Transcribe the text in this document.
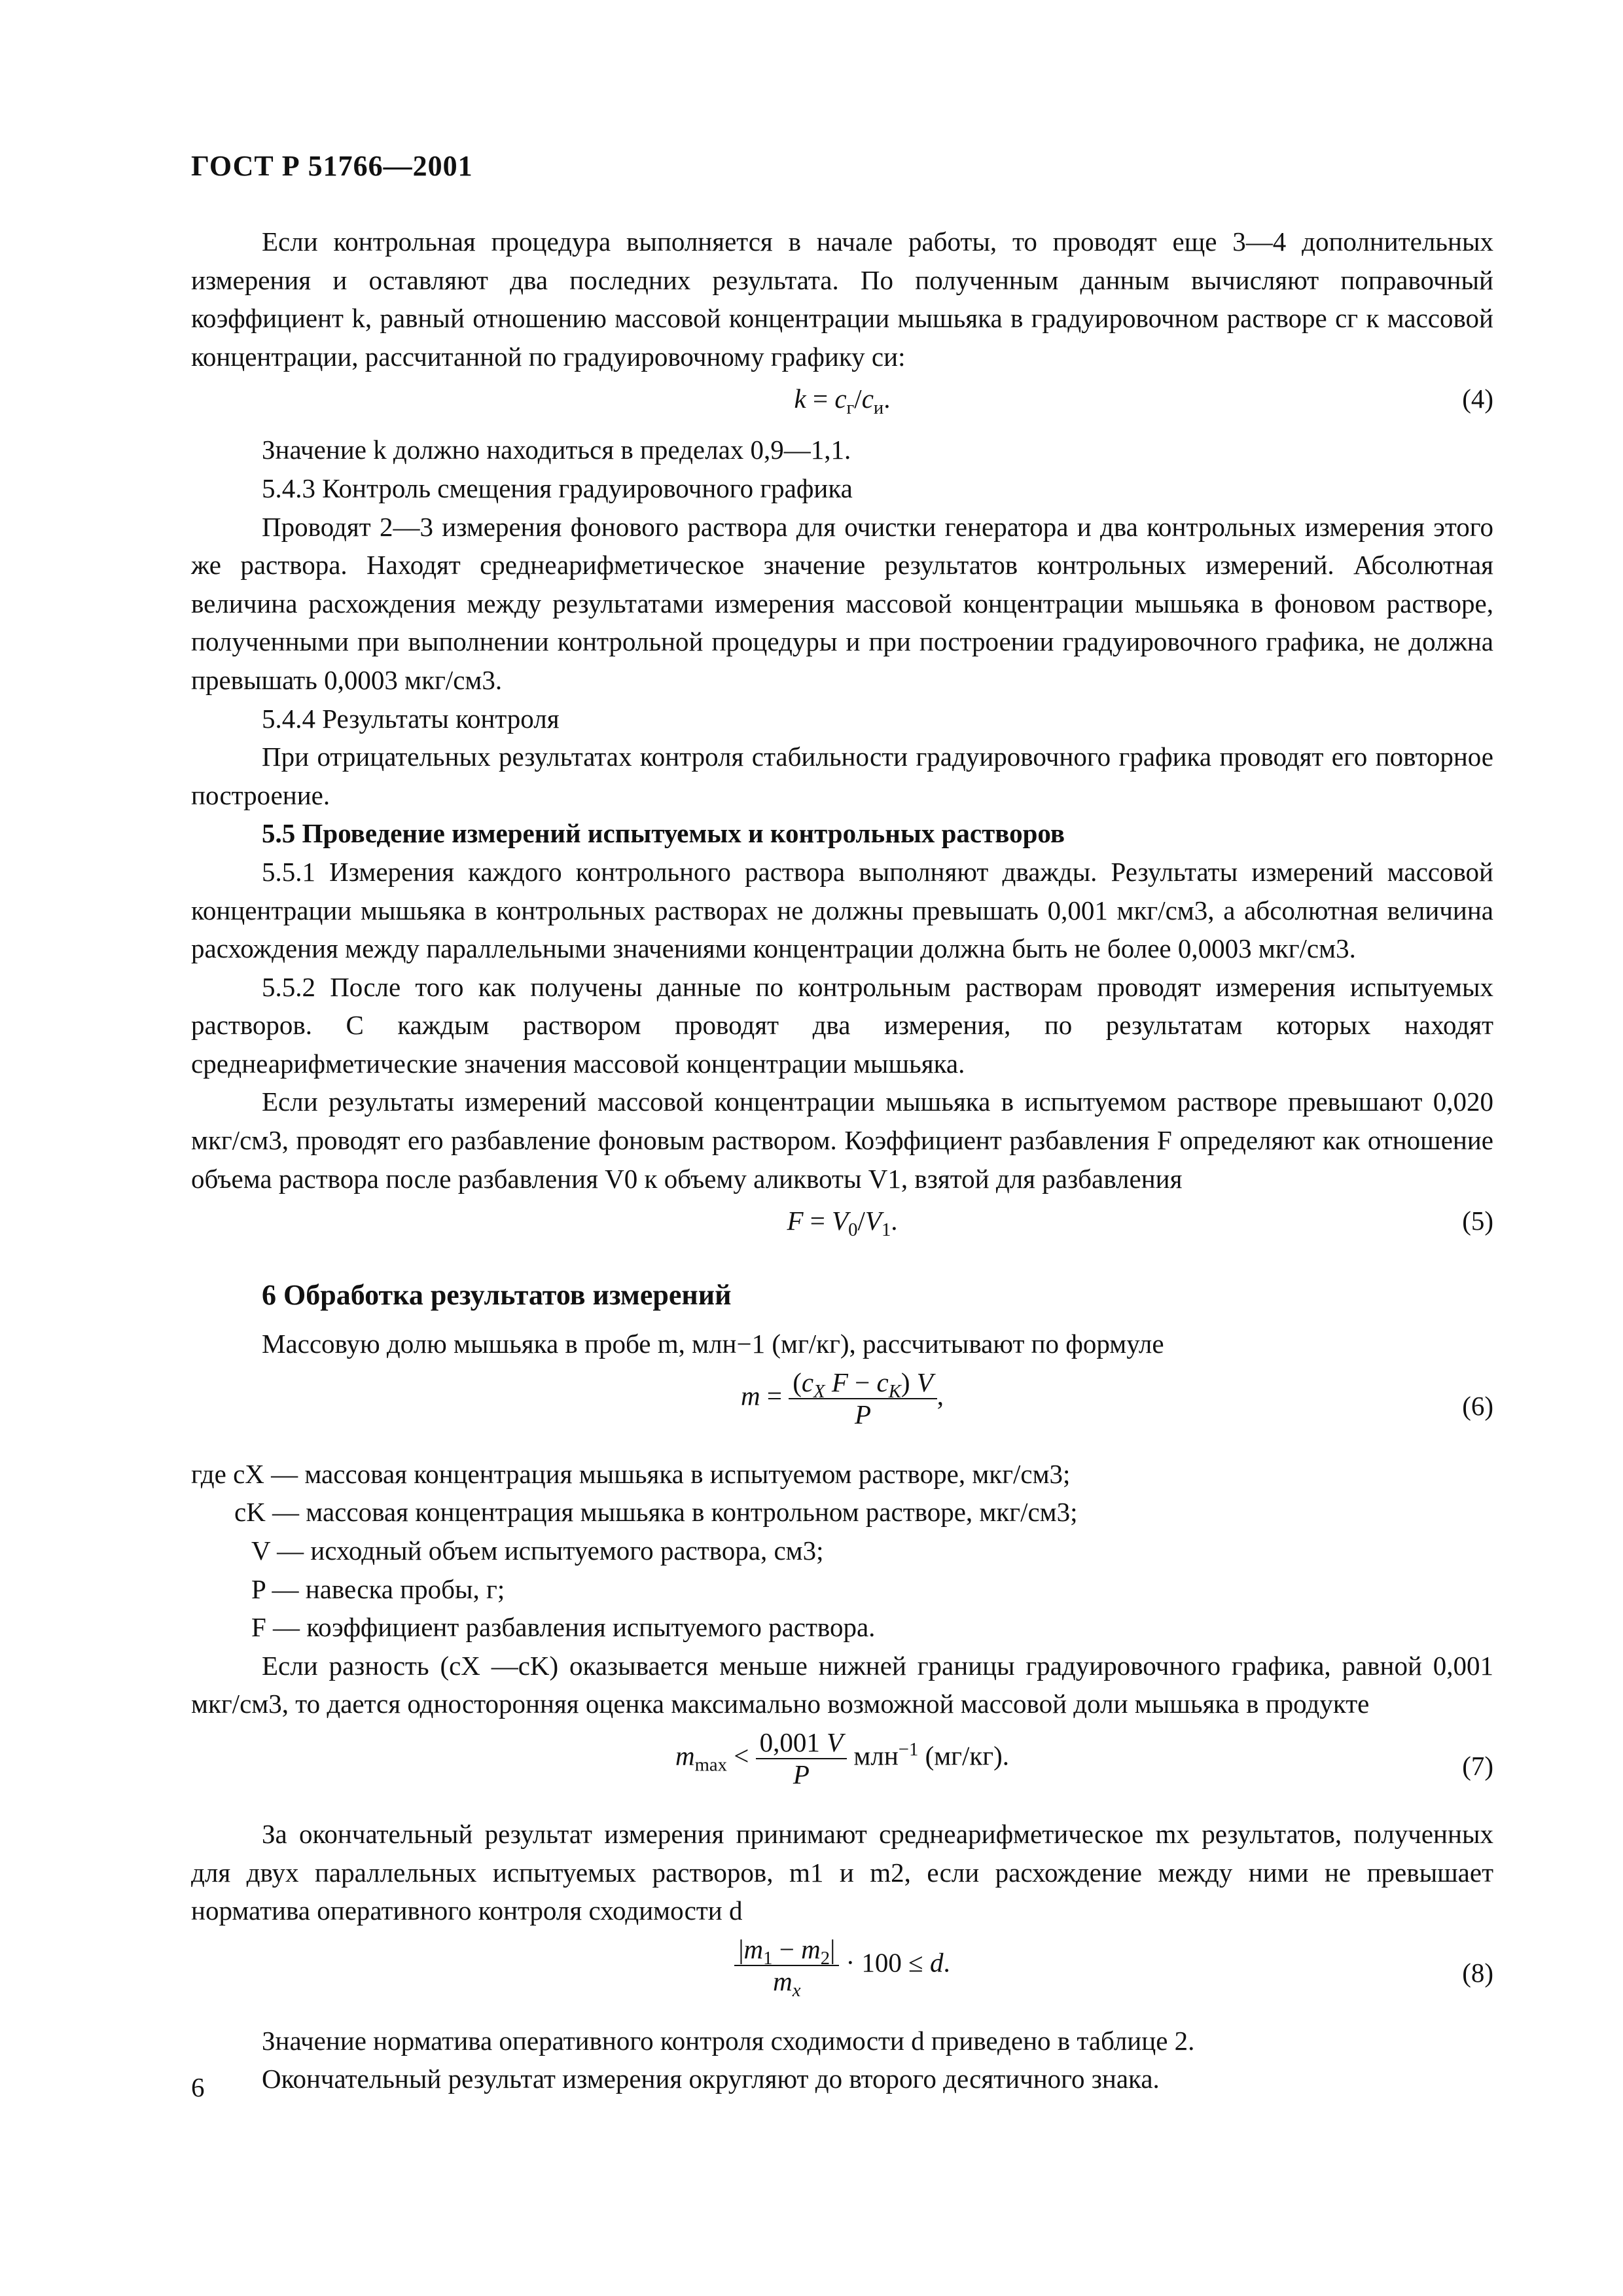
ГОСТ Р 51766—2001

Если контрольная процедура выполняется в начале работы, то проводят еще 3—4 дополнительных измерения и оставляют два последних результата. По полученным данным вычисляют поправочный коэффициент k, равный отношению массовой концентрации мышьяка в градуировочном растворе cг к массовой концентрации, рассчитанной по градуировочному графику cи:

$k = c_г/c_и$.	(4)

Значение k должно находиться в пределах 0,9—1,1.

5.4.3 Контроль смещения градуировочного графика

Проводят 2—3 измерения фонового раствора для очистки генератора и два контрольных измерения этого же раствора. Находят среднеарифметическое значение результатов контрольных измерений. Абсолютная величина расхождения между результатами измерения массовой концентрации мышьяка в фоновом растворе, полученными при выполнении контрольной процедуры и при построении градуировочного графика, не должна превышать 0,0003 мкг/см3.

5.4.4 Результаты контроля

При отрицательных результатах контроля стабильности градуировочного графика проводят его повторное построение.

5.5 Проведение измерений испытуемых и контрольных растворов

5.5.1 Измерения каждого контрольного раствора выполняют дважды. Результаты измерений массовой концентрации мышьяка в контрольных растворах не должны превышать 0,001 мкг/см3, а абсолютная величина расхождения между параллельными значениями концентрации должна быть не более 0,0003 мкг/см3.

5.5.2 После того как получены данные по контрольным растворам проводят измерения испытуемых растворов. С каждым раствором проводят два измерения, по результатам которых находят среднеарифметические значения массовой концентрации мышьяка.

Если результаты измерений массовой концентрации мышьяка в испытуемом растворе превышают 0,020 мкг/см3, проводят его разбавление фоновым раствором. Коэффициент разбавления F определяют как отношение объема раствора после разбавления V0 к объему аликвоты V1, взятой для разбавления

$F = V_0/V_1$.	(5)
6 Обработка результатов измерений

Массовую долю мышьяка в пробе m, млн−1 (мг/кг), рассчитывают по формуле

$m = \frac{(c_X F - c_K) V}{P}$ ,	(6)

где cX — массовая концентрация мышьяка в испытуемом растворе, мкг/см3;

cK — массовая концентрация мышьяка в контрольном растворе, мкг/см3;

V — исходный объем испытуемого раствора, см3;

P — навеска пробы, г;

F — коэффициент разбавления испытуемого раствора.

Если разность (cX —cK) оказывается меньше нижней границы градуировочного графика, равной 0,001 мкг/см3, то дается односторонняя оценка максимально возможной массовой доли мышьяка в продукте

$m_{max} < \frac{0,001 V}{P} млн^{-1}$ (мг/кг).	(7)

За окончательный результат измерения принимают среднеарифметическое mx результатов, полученных для двух параллельных испытуемых растворов, m1 и m2, если расхождение между ними не превышает норматива оперативного контроля сходимости d

$\frac{|m_1 - m_2|}{m_x} \cdot 100 \le d$.	(8)

Значение норматива оперативного контроля сходимости d приведено в таблице 2.

Окончательный результат измерения округляют до второго десятичного знака.

6
